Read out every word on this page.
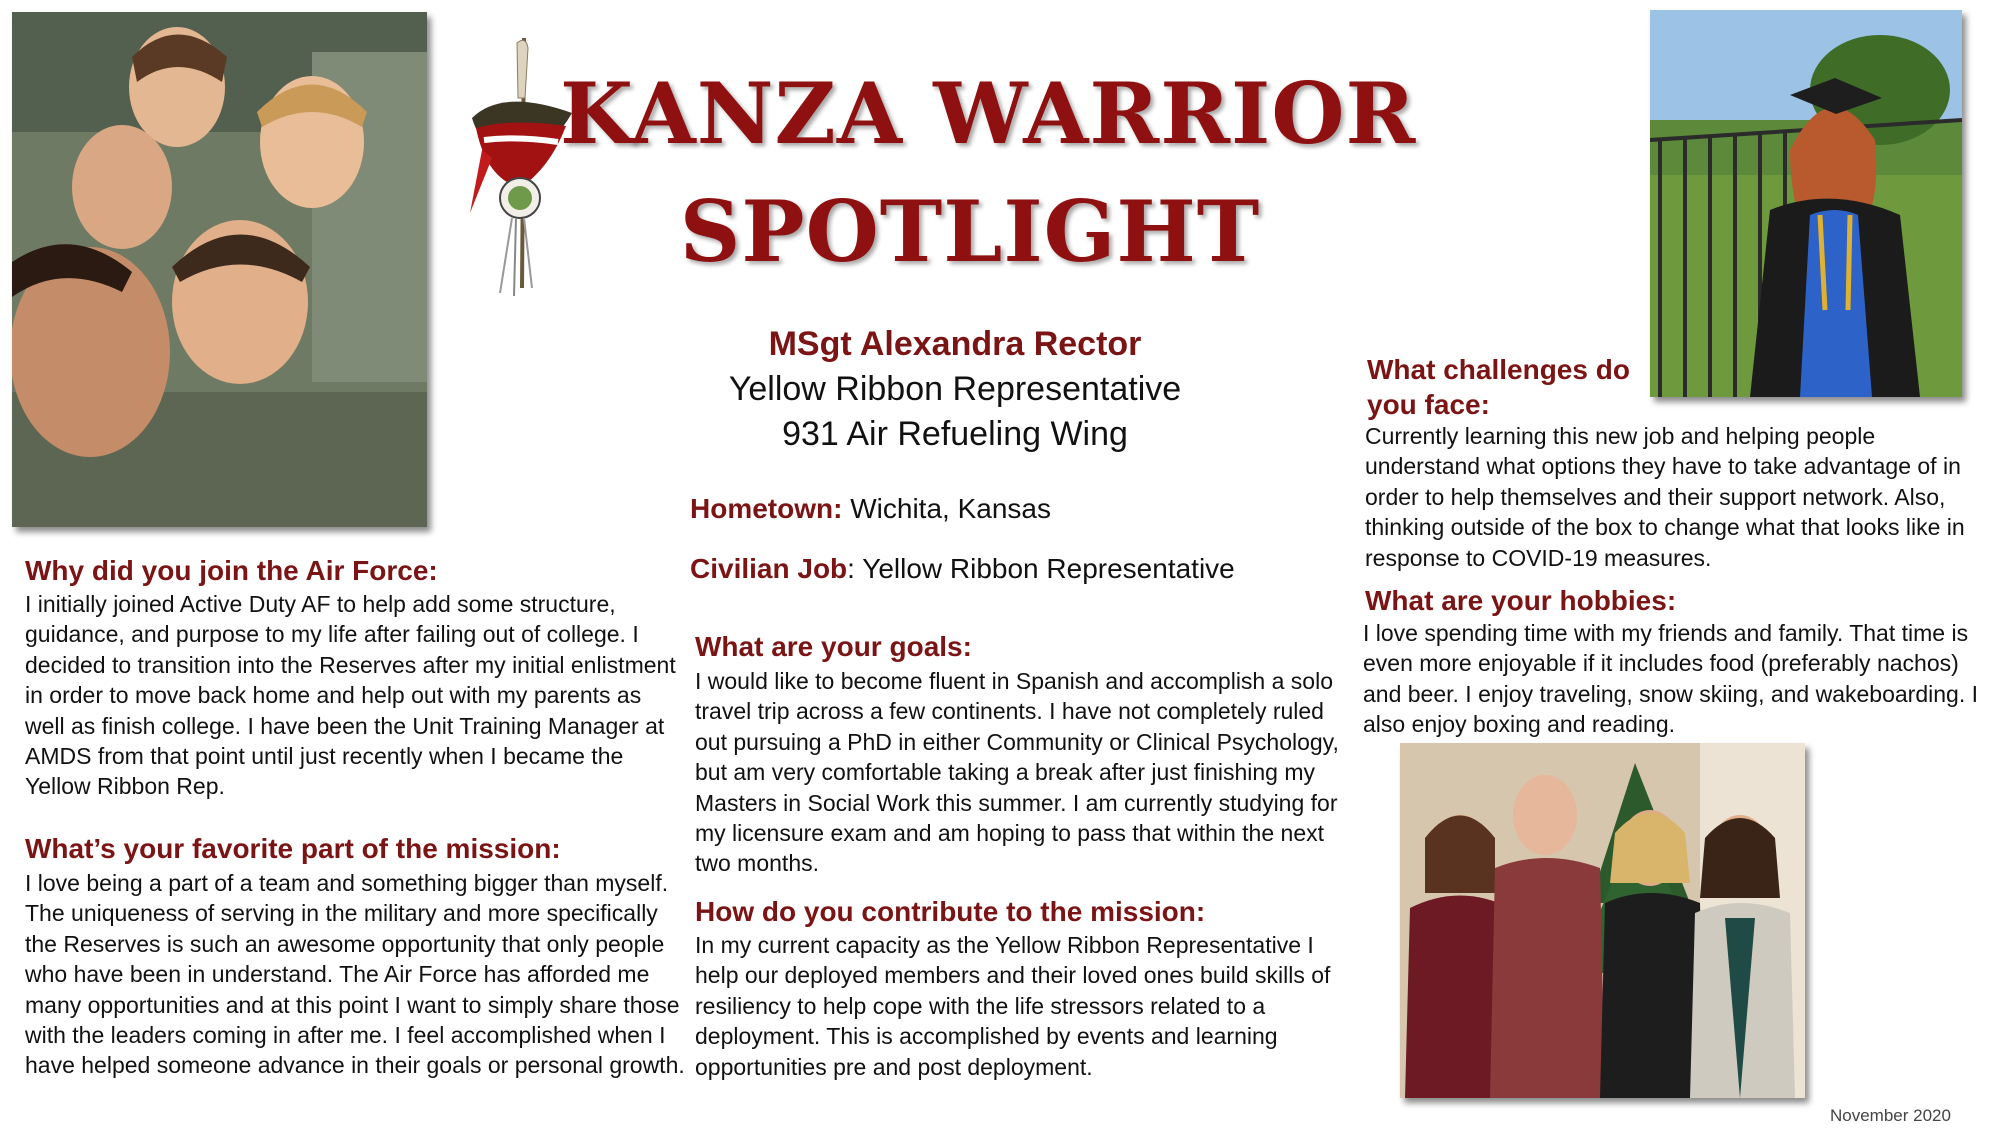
KANZA WARRIOR
SPOTLIGHT
MSgt Alexandra Rector
Yellow Ribbon Representative
931 Air Refueling Wing
Hometown: Wichita, Kansas
Civilian Job: Yellow Ribbon Representative
Why did you join the Air Force:
I initially joined Active Duty AF to help add some structure, guidance, and purpose to my life after failing out of college. I decided to transition into the Reserves after my initial enlistment in order to move back home and help out with my parents as well as finish college. I have been the Unit Training Manager at AMDS from that point until just recently when I became the Yellow Ribbon Rep.
What’s your favorite part of the mission:
I love being a part of a team and something bigger than myself. The uniqueness of serving in the military and more specifically the Reserves is such an awesome opportunity that only people who have been in understand. The Air Force has afforded me many opportunities and at this point I want to simply share those with the leaders coming in after me. I feel accomplished when I have helped someone advance in their goals or personal growth.
What are your goals:
I would like to become fluent in Spanish and accomplish a solo travel trip across a few continents. I have not completely ruled out pursuing a PhD in either Community or Clinical Psychology, but am very comfortable taking a break after just finishing my Masters in Social Work this summer. I am currently studying for my licensure exam and am hoping to pass that within the next two months.
How do you contribute to the mission:
In my current capacity as the Yellow Ribbon Representative I help our deployed members and their loved ones build skills of resiliency to help cope with the life stressors related to a deployment. This is accomplished by events and learning opportunities pre and post deployment.
What challenges do
you face:
Currently learning this new job and helping people understand what options they have to take advantage of in order to help themselves and their support network. Also, thinking outside of the box to change what that looks like in response to COVID-19 measures.
What are your hobbies:
I love spending time with my friends and family. That time is even more enjoyable if it includes food (preferably nachos) and beer. I enjoy traveling, snow skiing, and wakeboarding. I also enjoy boxing and reading.
November 2020
